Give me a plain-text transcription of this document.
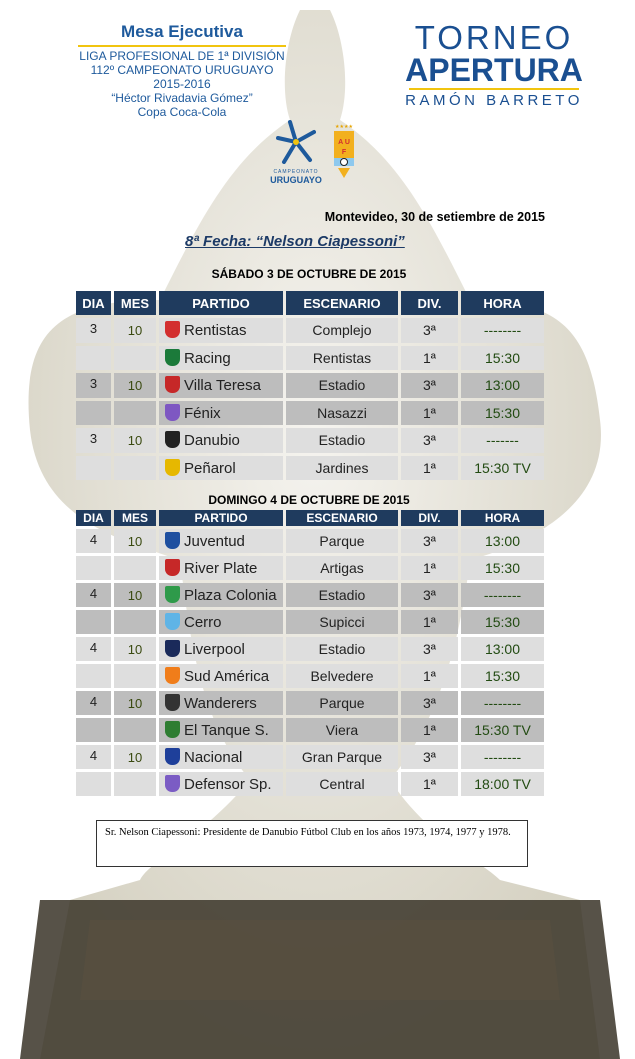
Mesa Ejecutiva
LIGA PROFESIONAL DE 1ª DIVISIÓN
112º CAMPEONATO URUGUAYO 2015-2016
“Héctor Rivadavia Gómez”
Copa Coca-Cola
TORNEO
APERTURA
RAMÓN BARRETO
CAMPEONATO
URUGUAYO
★★★★
A U
F
Montevideo, 30 de setiembre de 2015
8ª Fecha: “Nelson Ciapessoni”
SÁBADO 3 DE OCTUBRE DE 2015
DIA	MES	PARTIDO	ESCENARIO	DIV.	HORA
3	10	Rentistas	Complejo	3ª	--------
		Racing	Rentistas	1ª	15:30
3	10	Villa Teresa	Estadio	3ª	13:00
		Fénix	Nasazzi	1ª	15:30
3	10	Danubio	Estadio	3ª	-------
		Peñarol	Jardines	1ª	15:30 TV
DOMINGO 4 DE OCTUBRE DE 2015
DIA	MES	PARTIDO	ESCENARIO	DIV.	HORA
4	10	Juventud	Parque	3ª	13:00
		River Plate	Artigas	1ª	15:30
4	10	Plaza Colonia	Estadio	3ª	--------
		Cerro	Supicci	1ª	15:30
4	10	Liverpool	Estadio	3ª	13:00
		Sud América	Belvedere	1ª	15:30
4	10	Wanderers	Parque	3ª	--------
		El Tanque S.	Viera	1ª	15:30 TV
4	10	Nacional	Gran Parque	3ª	--------
		Defensor Sp.	Central	1ª	18:00 TV
Sr. Nelson Ciapessoni: Presidente de Danubio Fútbol Club en los años 1973, 1974, 1977 y 1978.
